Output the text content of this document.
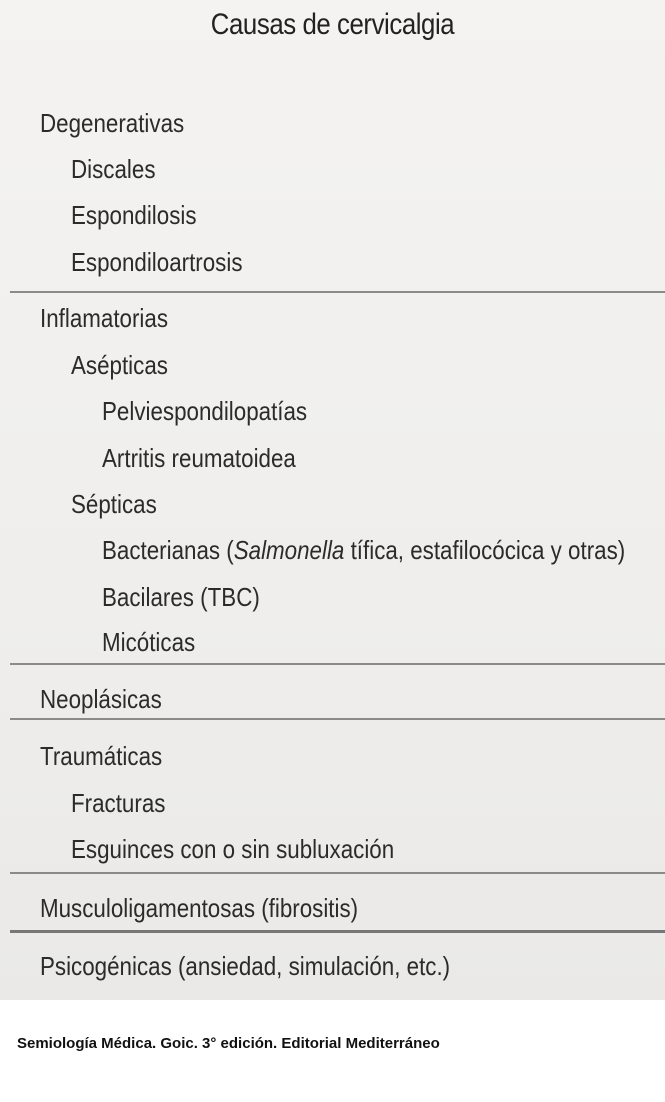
Causas de cervicalgia
Degenerativas
Discales
Espondilosis
Espondiloartrosis
Inflamatorias
Asépticas
Pelviespondilopatías
Artritis reumatoidea
Sépticas
Bacterianas (Salmonella tífica, estafilocócica y otras)
Bacilares (TBC)
Micóticas
Neoplásicas
Traumáticas
Fracturas
Esguinces con o sin subluxación
Musculoligamentosas (fibrositis)
Psicogénicas (ansiedad, simulación, etc.)
Semiología Médica. Goic. 3° edición. Editorial Mediterráneo
